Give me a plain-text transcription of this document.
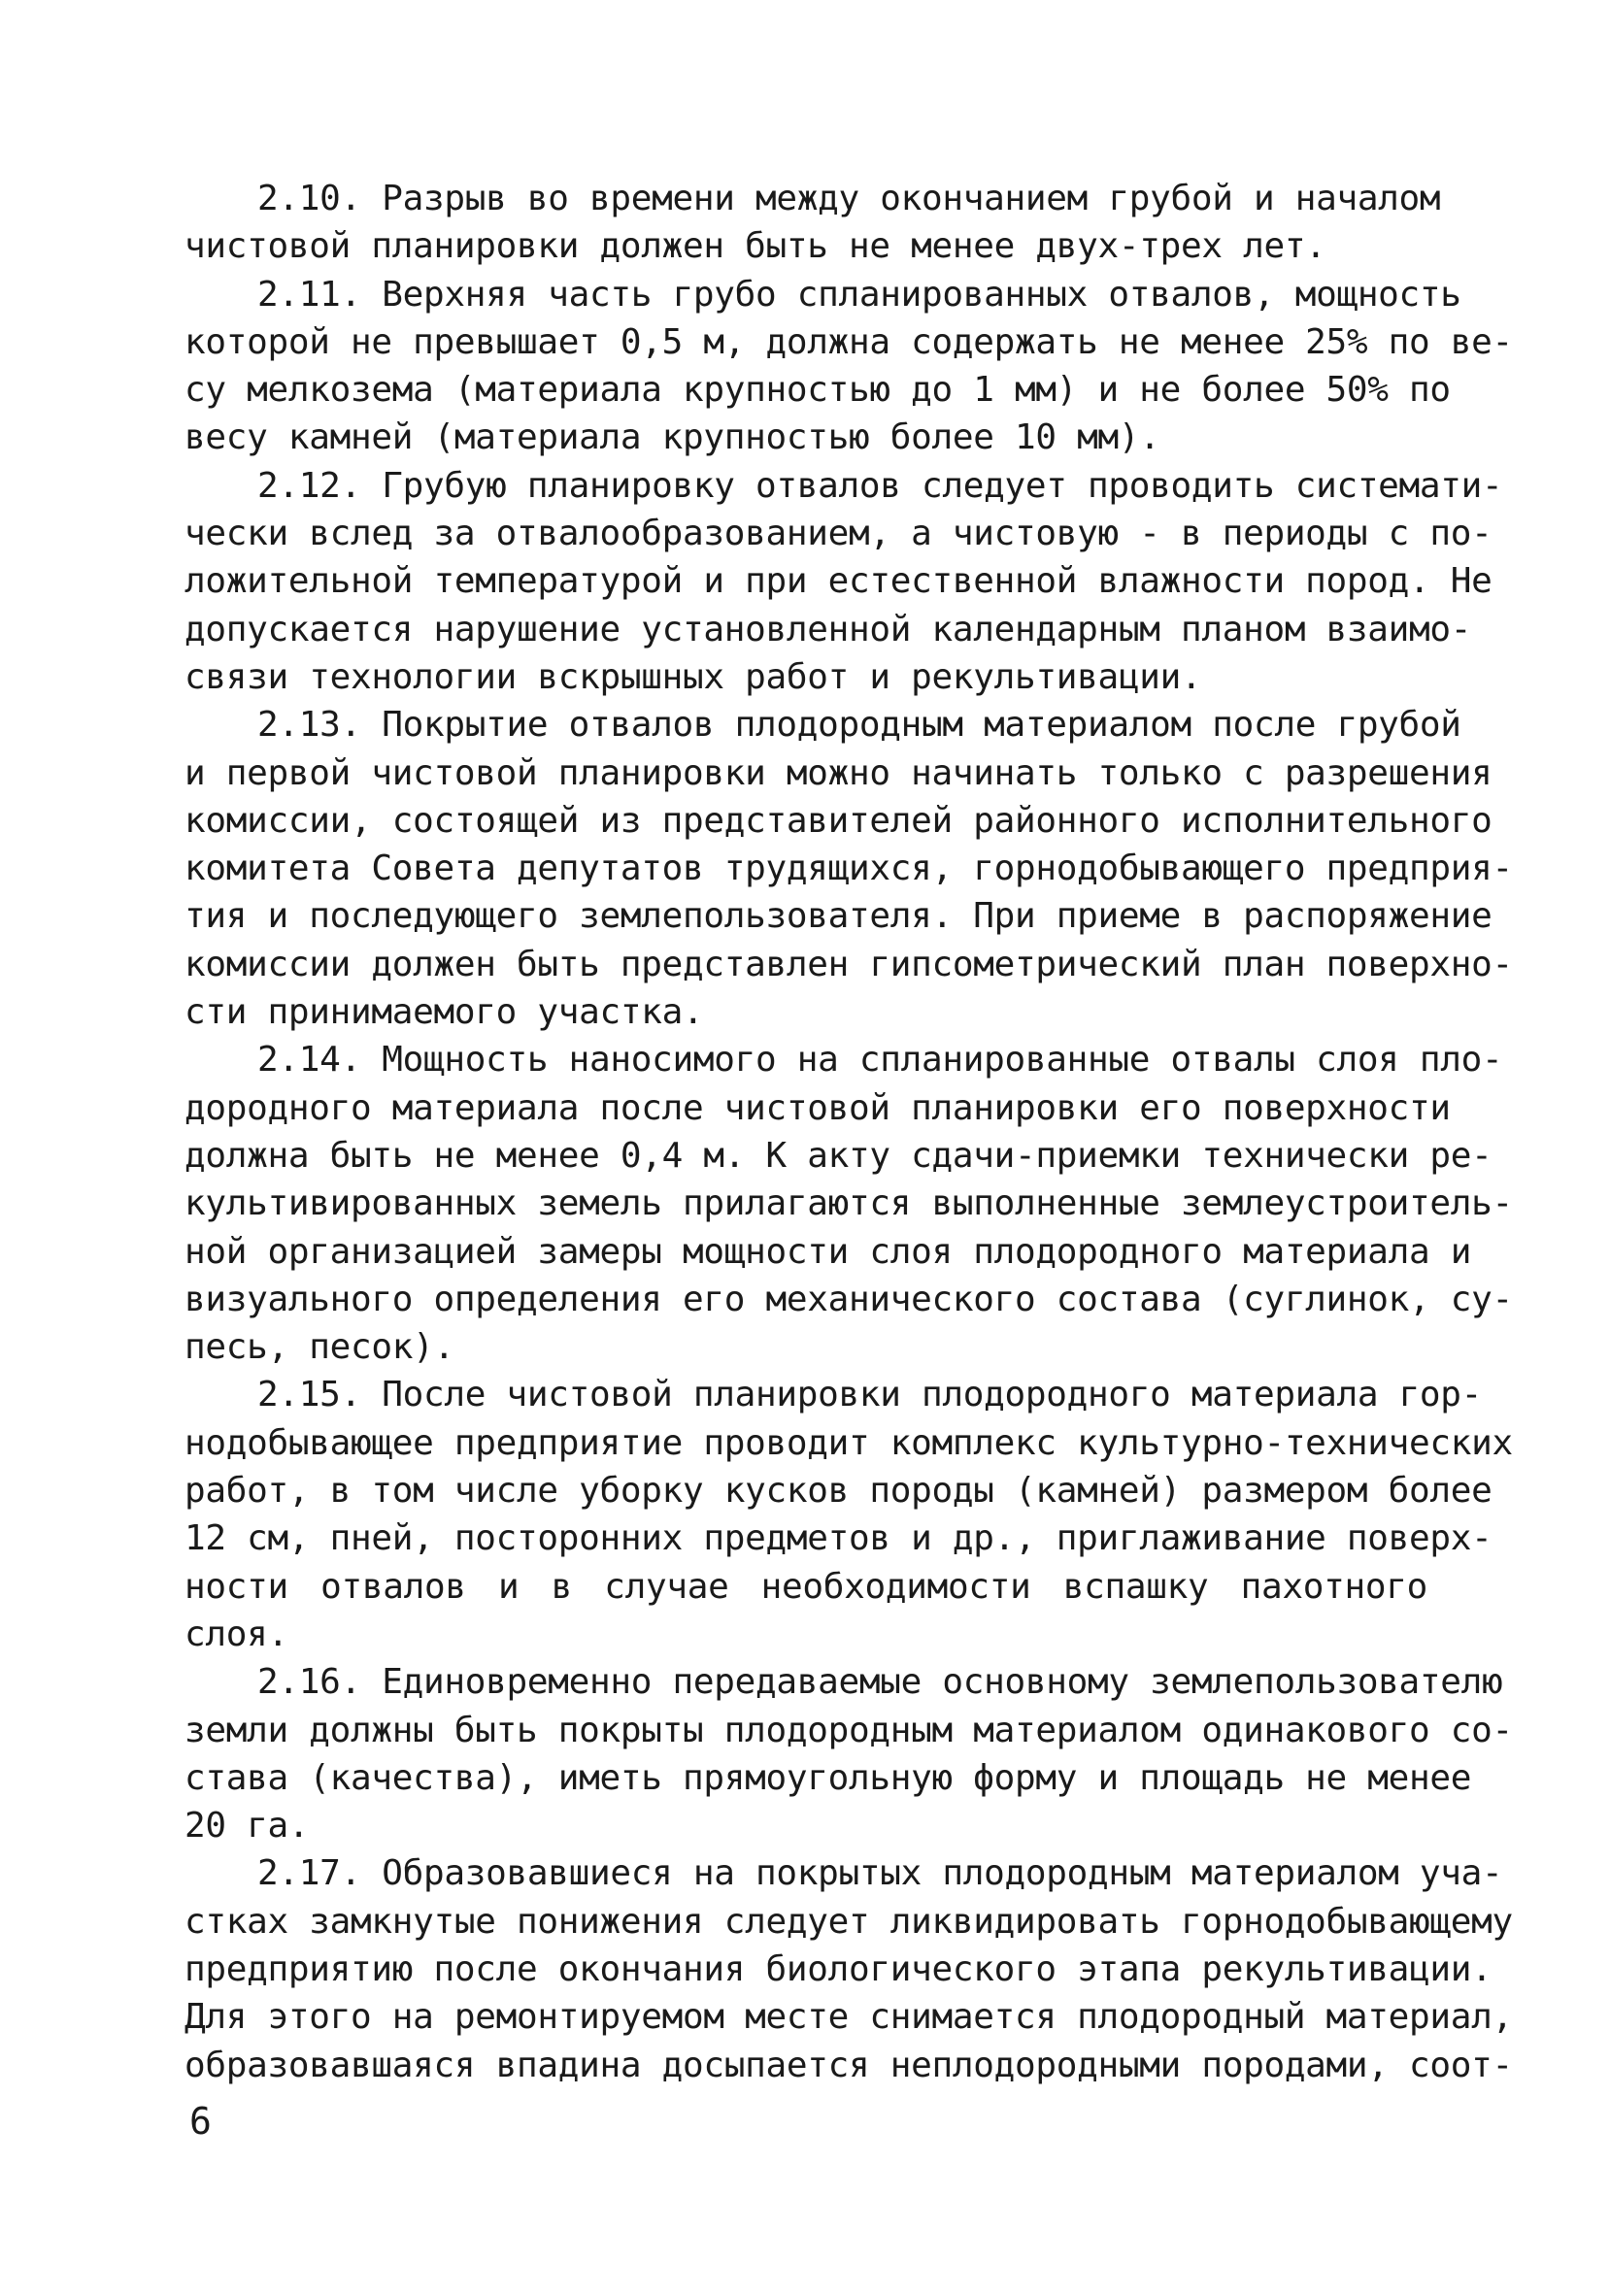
2.10. Разрыв во времени между окончанием грубой и началом
чистовой планировки должен быть не менее двух-трех лет.
2.11. Верхняя часть грубо спланированных отвалов, мощность
которой не превышает 0,5 м, должна содержать не менее 25% по ве-
су мелкозема (материала крупностью до 1 мм) и не более 50% по
весу камней (материала крупностью более 10 мм).
2.12. Грубую планировку отвалов следует проводить системати-
чески вслед за отвалообразованием, а чистовую - в периоды с по-
ложительной температурой и при естественной влажности пород. Не
допускается нарушение установленной календарным планом взаимо-
связи технологии вскрышных работ и рекультивации.
2.13. Покрытие отвалов плодородным материалом после грубой
и первой чистовой планировки можно начинать только с разрешения
комиссии, состоящей из представителей районного исполнительного
комитета Совета депутатов трудящихся, горнодобывающего предприя-
тия и последующего землепользователя. При приеме в распоряжение
комиссии должен быть представлен гипсометрический план поверхно-
сти принимаемого участка.
2.14. Мощность наносимого на спланированные отвалы слоя пло-
дородного материала после чистовой планировки его поверхности
должна быть не менее 0,4 м. К акту сдачи-приемки технически ре-
культивированных земель прилагаются выполненные землеустроитель-
ной организацией замеры мощности слоя плодородного материала и
визуального определения его механического состава (суглинок, су-
песь, песок).
2.15. После чистовой планировки плодородного материала гор-
нодобывающее предприятие проводит комплекс культурно-технических
работ, в том числе уборку кусков породы (камней) размером более
12 см, пней, посторонних предметов и др., приглаживание поверх-
ности отвалов и в случае необходимости вспашку пахотного
слоя.
2.16. Единовременно передаваемые основному землепользователю
земли должны быть покрыты плодородным материалом одинакового со-
става (качества), иметь прямоугольную форму и площадь не менее
20 га.
2.17. Образовавшиеся на покрытых плодородным материалом уча-
стках замкнутые понижения следует ликвидировать горнодобывающему
предприятию после окончания биологического этапа рекультивации.
Для этого на ремонтируемом месте снимается плодородный материал,
образовавшаяся впадина досыпается неплодородными породами, соот-
6
